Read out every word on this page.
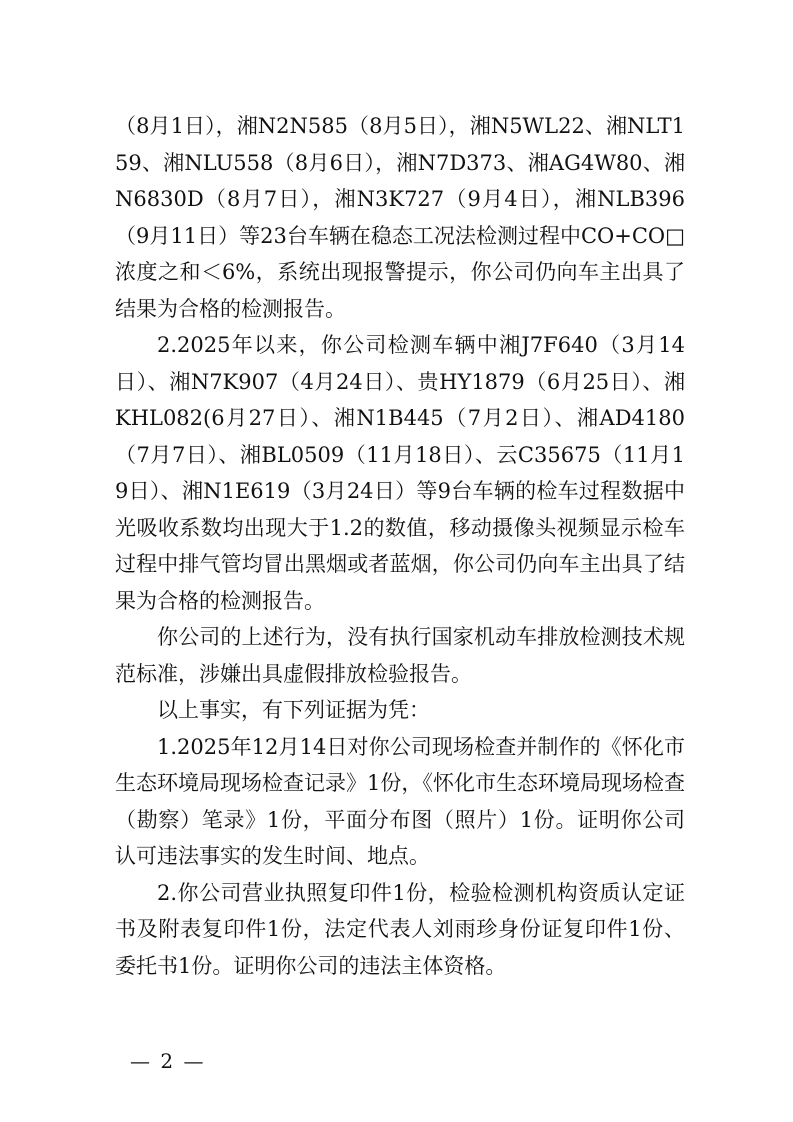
（8月1日），湘N2N585（8月5日），湘N5WL22、湘NLT159、湘NLU558（8月6日），湘N7D373、湘AG4W80、湘N6830D（8月7日），湘N3K727（9月4日），湘NLB396（9月11日）等23台车辆在稳态工况法检测过程中CO+CO□浓度之和＜6%，系统出现报警提示，你公司仍向车主出具了结果为合格的检测报告。

2.2025年以来，你公司检测车辆中湘J7F640（3月14日）、湘N7K907（4月24日）、贵HY1879（6月25日）、湘KHL082(6月27日）、湘N1B445（7月2日）、湘AD4180（7月7日）、湘BL0509（11月18日）、云C35675（11月19日）、湘N1E619（3月24日）等9台车辆的检车过程数据中光吸收系数均出现大于1.2的数值，移动摄像头视频显示检车过程中排气管均冒出黑烟或者蓝烟，你公司仍向车主出具了结果为合格的检测报告。

你公司的上述行为，没有执行国家机动车排放检测技术规范标准，涉嫌出具虚假排放检验报告。

以上事实，有下列证据为凭：

1.2025年12月14日对你公司现场检查并制作的《怀化市生态环境局现场检查记录》1份，《怀化市生态环境局现场检查（勘察）笔录》1份，平面分布图（照片）1份。证明你公司认可违法事实的发生时间、地点。

2.你公司营业执照复印件1份，检验检测机构资质认定证书及附表复印件1份，法定代表人刘雨珍身份证复印件1份、委托书1份。证明你公司的违法主体资格。

— 2 —
